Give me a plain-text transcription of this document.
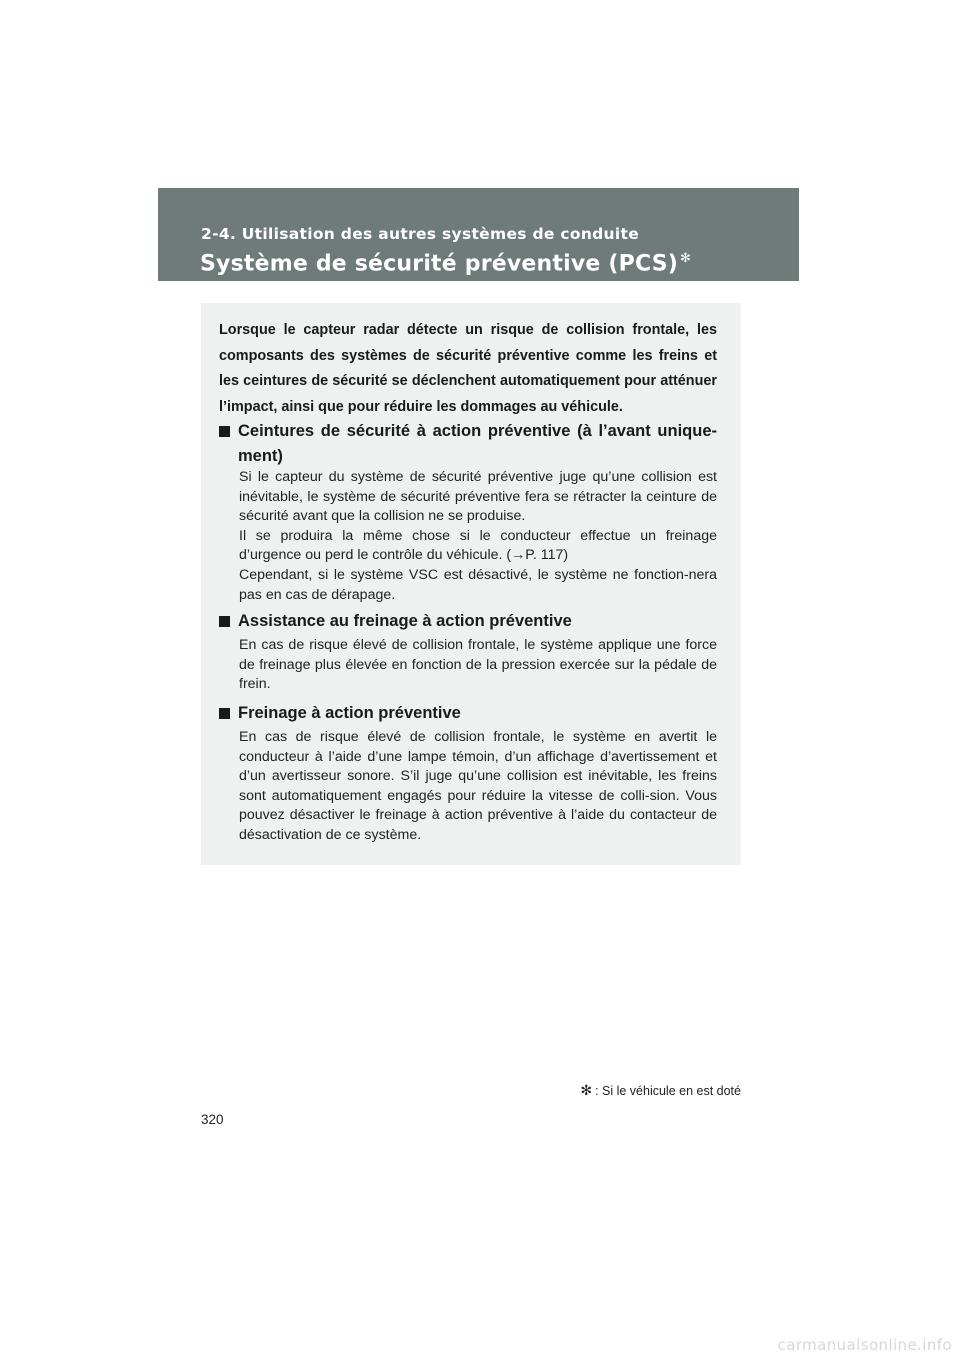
2-4. Utilisation des autres systèmes de conduite
Système de sécurité préventive (PCS) ✻
Lorsque le capteur radar détecte un risque de collision frontale, les composants des systèmes de sécurité préventive comme les freins et les ceintures de sécurité se déclenchent automatiquement pour atténuer l’impact, ainsi que pour réduire les dommages au véhicule.
Ceintures de sécurité à action préventive (à l’avant unique-ment)

Si le capteur du système de sécurité préventive juge qu’une collision est inévitable, le système de sécurité préventive fera se rétracter la ceinture de sécurité avant que la collision ne se produise.

Il se produira la même chose si le conducteur effectue un freinage d’urgence ou perd le contrôle du véhicule. (→P. 117)

Cependant, si le système VSC est désactivé, le système ne fonction-nera pas en cas de dérapage.

Assistance au freinage à action préventive

En cas de risque élevé de collision frontale, le système applique une force de freinage plus élevée en fonction de la pression exercée sur la pédale de frein.

Freinage à action préventive

En cas de risque élevé de collision frontale, le système en avertit le conducteur à l’aide d’une lampe témoin, d’un affichage d’avertissement et d’un avertisseur sonore. S’il juge qu’une collision est inévitable, les freins sont automatiquement engagés pour réduire la vitesse de colli-sion. Vous pouvez désactiver le freinage à action préventive à l’aide du contacteur de désactivation de ce système.

✻ : Si le véhicule en est doté
320
carmanualsonline.info
